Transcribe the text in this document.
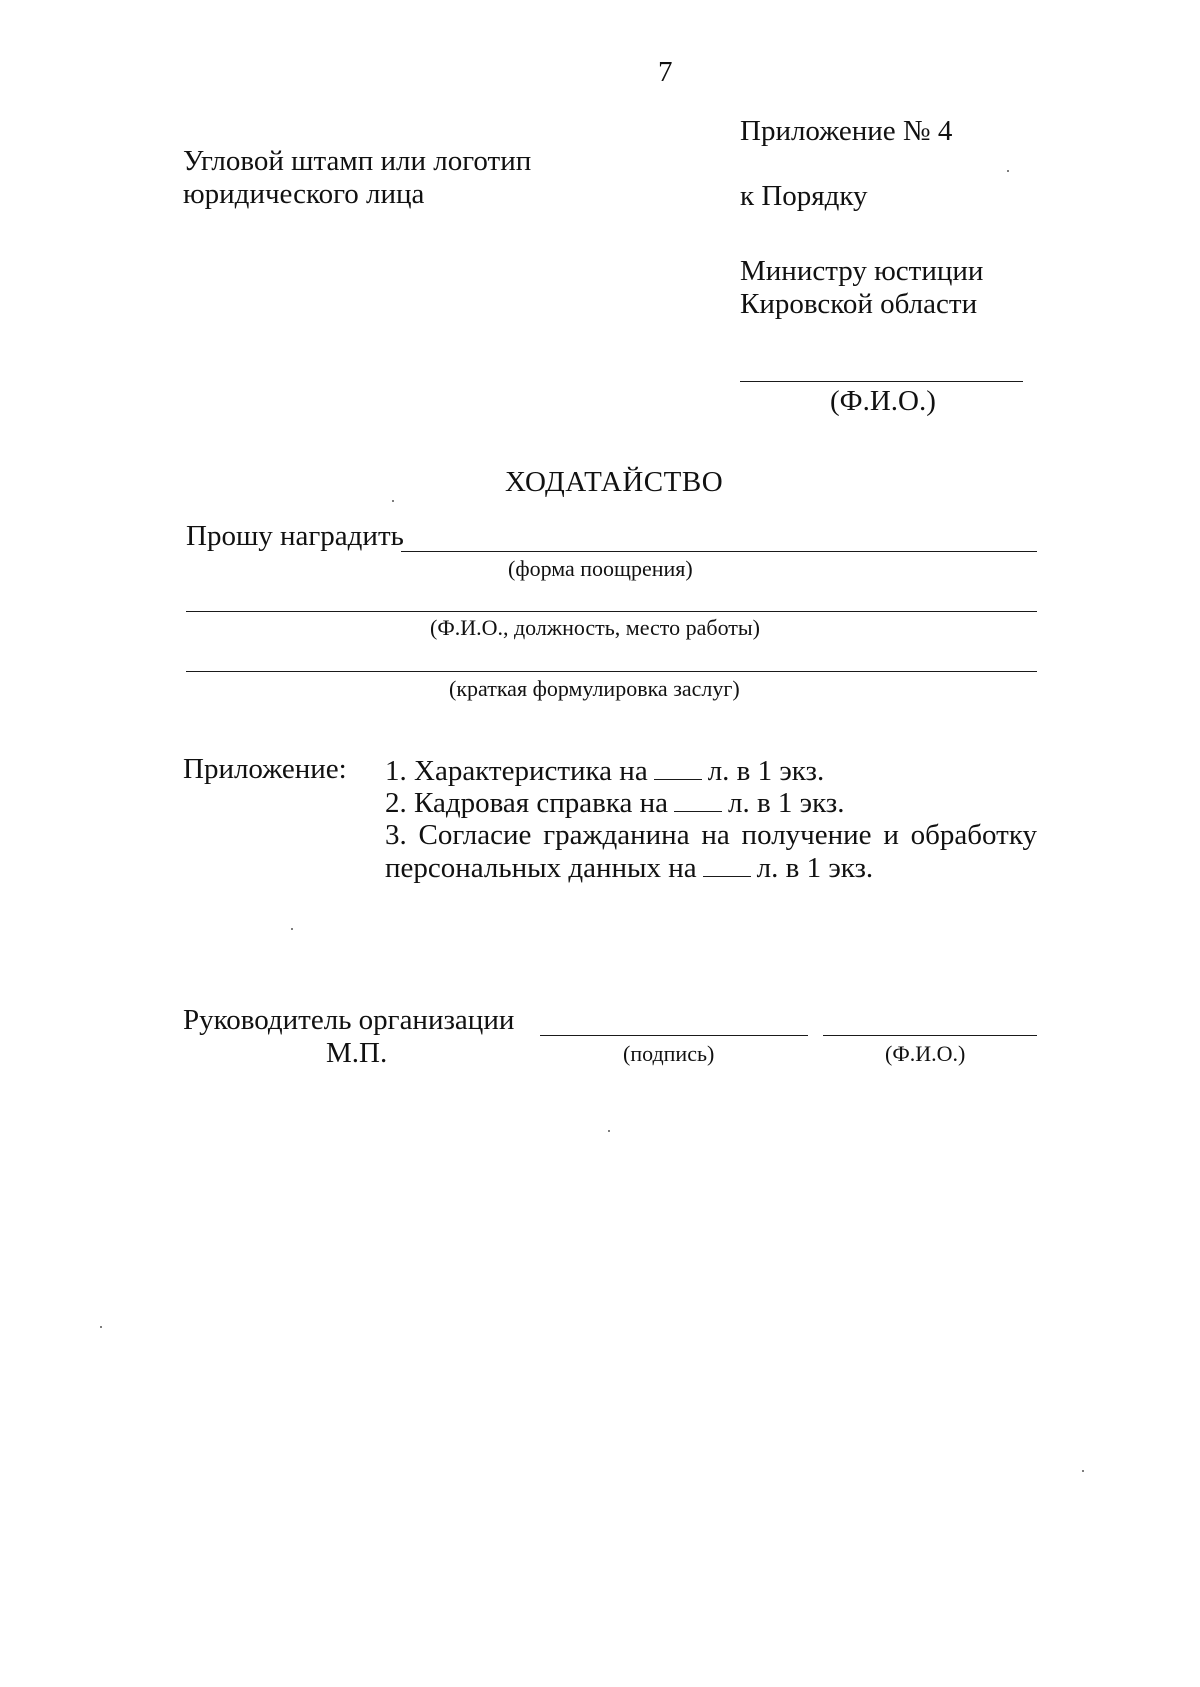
7
Приложение № 4
Угловой штамп или логотип
юридического лица	к Порядку
Министру юстиции
Кировской области
(Ф.И.О.)
ХОДАТАЙСТВО
Прошу наградить
(форма поощрения)
(Ф.И.О., должность, место работы)
(краткая формулировка заслуг)
Приложение: 1. Характеристика на л. в 1 экз.
2. Кадровая справка на л. в 1 экз.
3. Согласие гражданина на получение и обработку
персональных данных на л. в 1 экз.
Руководитель организации
М.П.	(подпись)	(Ф.И.О.)
